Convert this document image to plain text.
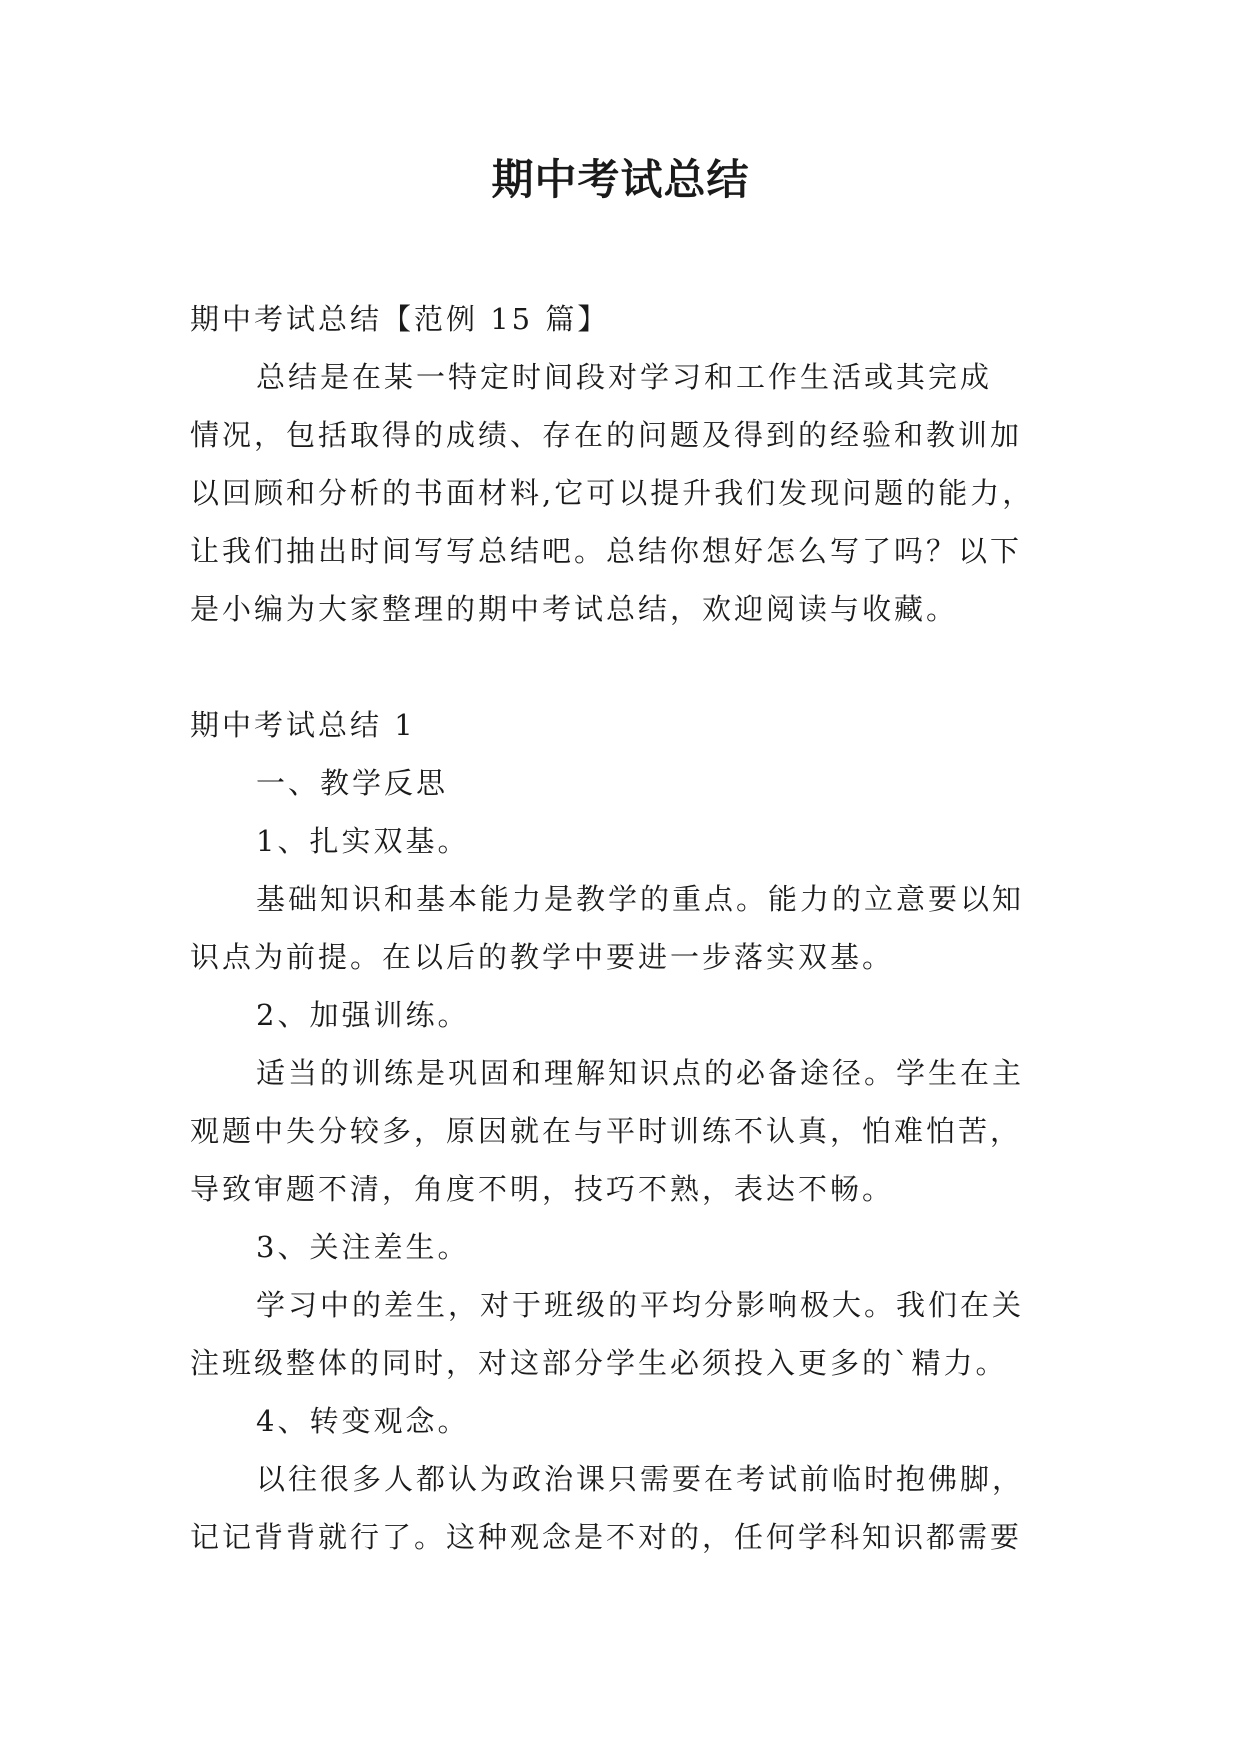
期中考试总结
期中考试总结【范例 15 篇】
总结是在某一特定时间段对学习和工作生活或其完成
情况，包括取得的成绩、存在的问题及得到的经验和教训加
以回顾和分析的书面材料,它可以提升我们发现问题的能力，
让我们抽出时间写写总结吧。总结你想好怎么写了吗？以下
是小编为大家整理的期中考试总结，欢迎阅读与收藏。
期中考试总结 1
一、教学反思
1、扎实双基。
基础知识和基本能力是教学的重点。能力的立意要以知
识点为前提。在以后的教学中要进一步落实双基。
2、加强训练。
适当的训练是巩固和理解知识点的必备途径。学生在主
观题中失分较多，原因就在与平时训练不认真，怕难怕苦，
导致审题不清，角度不明，技巧不熟，表达不畅。
3、关注差生。
学习中的差生，对于班级的平均分影响极大。我们在关
注班级整体的同时，对这部分学生必须投入更多的`精力。
4、转变观念。
以往很多人都认为政治课只需要在考试前临时抱佛脚，
记记背背就行了。这种观念是不对的，任何学科知识都需要
